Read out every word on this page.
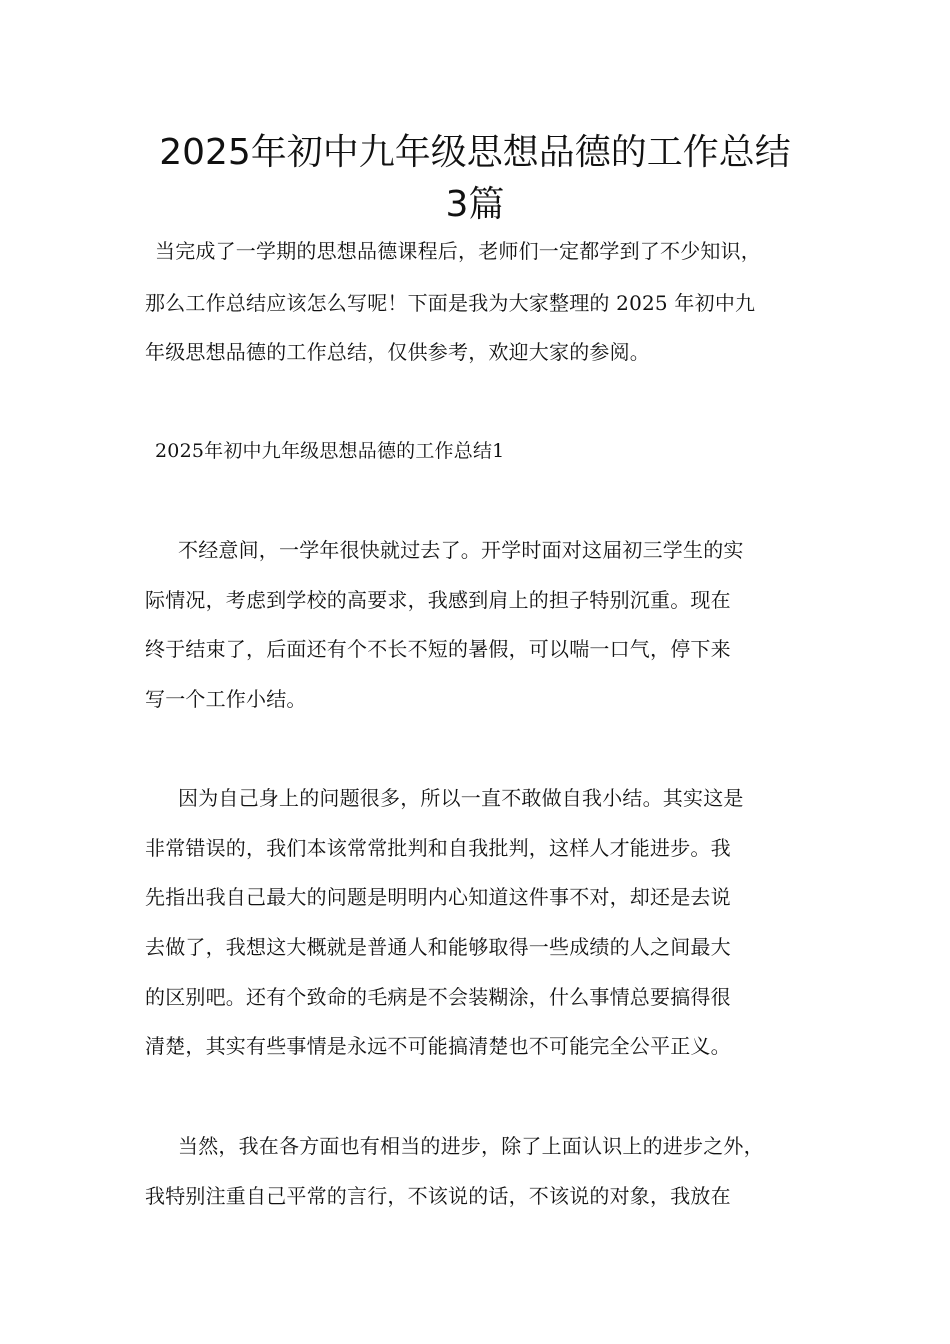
2025年初中九年级思想品德的工作总结
3篇
当完成了一学期的思想品德课程后，老师们一定都学到了不少知识，
那么工作总结应该怎么写呢！下面是我为大家整理的 2025 年初中九
年级思想品德的工作总结，仅供参考，欢迎大家的参阅。
2025年初中九年级思想品德的工作总结1
不经意间，一学年很快就过去了。开学时面对这届初三学生的实
际情况，考虑到学校的高要求，我感到肩上的担子特别沉重。现在
终于结束了，后面还有个不长不短的暑假，可以喘一口气，停下来
写一个工作小结。
因为自己身上的问题很多，所以一直不敢做自我小结。其实这是
非常错误的，我们本该常常批判和自我批判，这样人才能进步。我
先指出我自己最大的问题是明明内心知道这件事不对，却还是去说
去做了，我想这大概就是普通人和能够取得一些成绩的人之间最大
的区别吧。还有个致命的毛病是不会装糊涂，什么事情总要搞得很
清楚，其实有些事情是永远不可能搞清楚也不可能完全公平正义。
当然，我在各方面也有相当的进步，除了上面认识上的进步之外，
我特别注重自己平常的言行，不该说的话，不该说的对象，我放在
